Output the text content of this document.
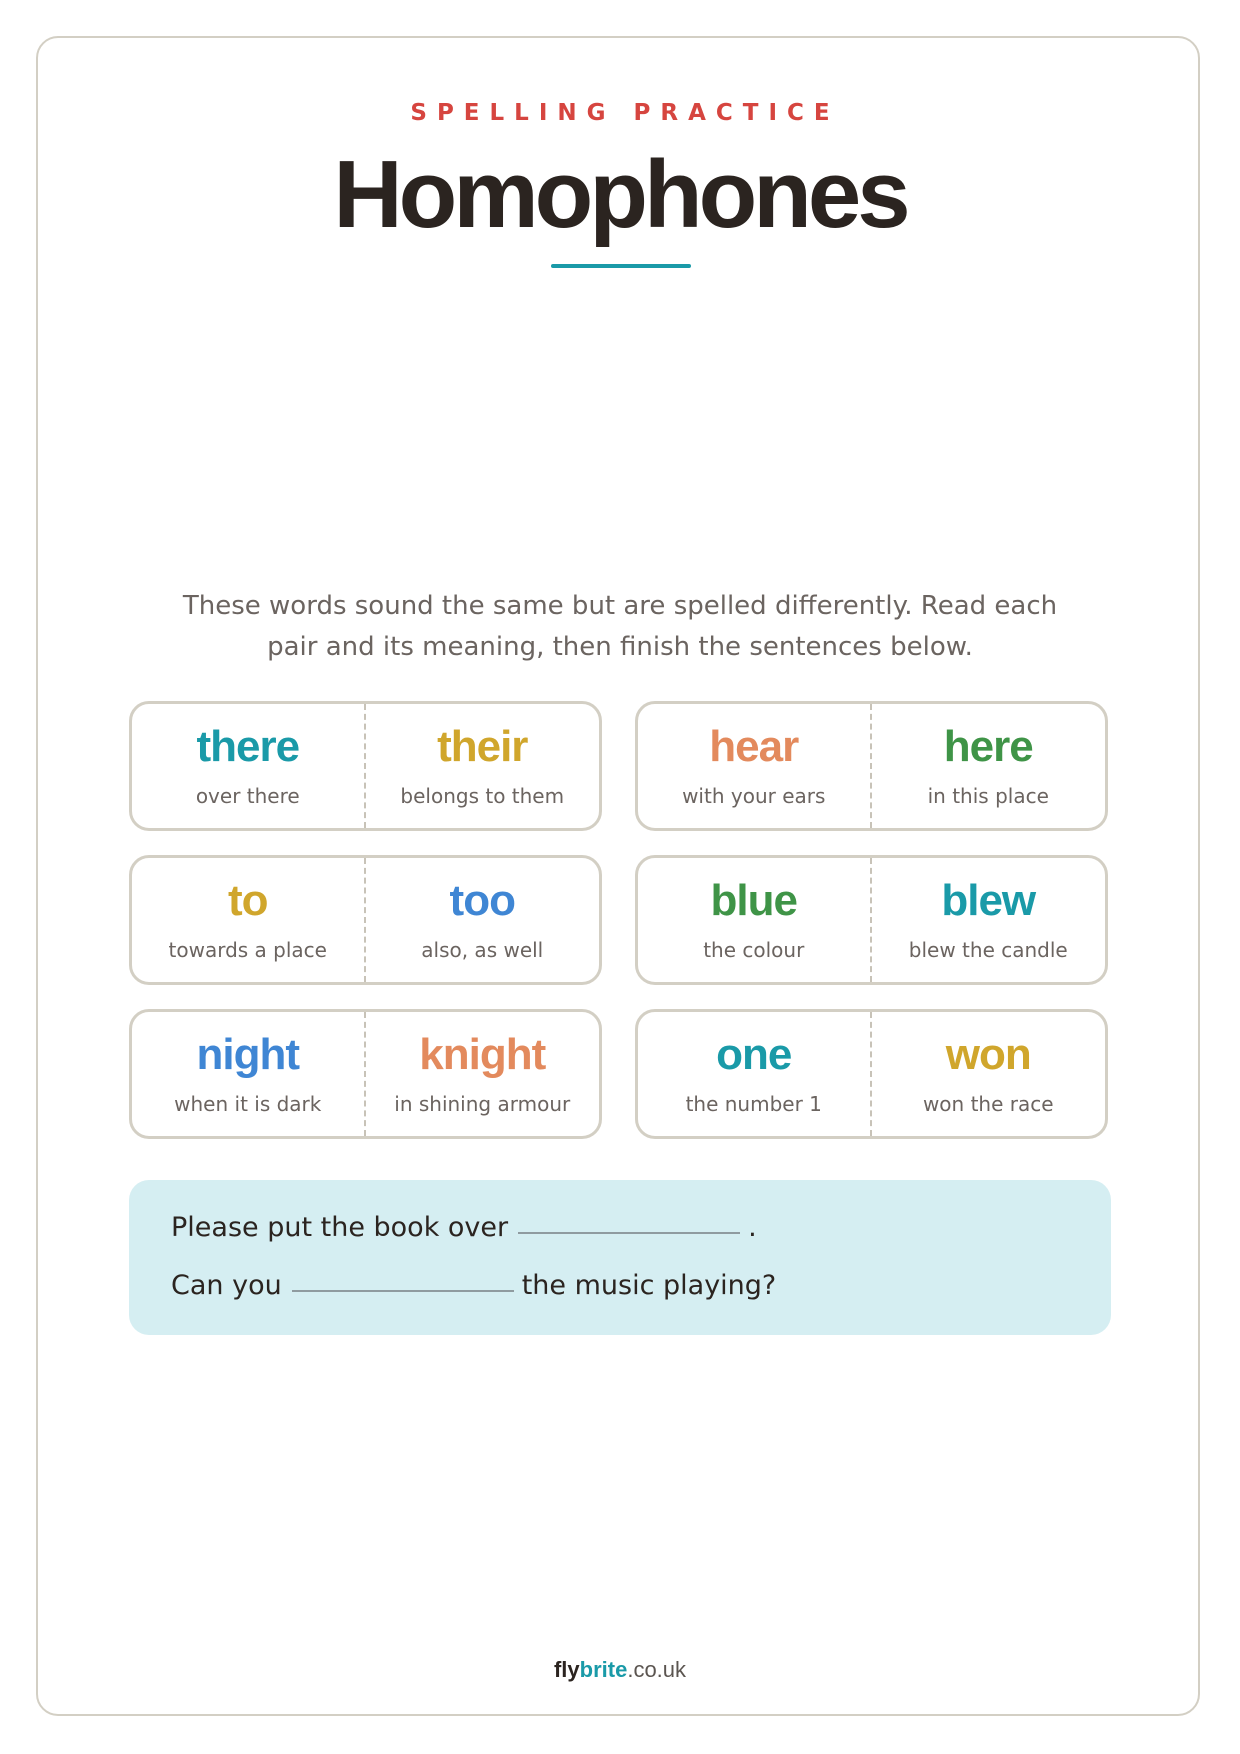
SPELLING PRACTICE
Homophones
These words sound the same but are spelled differently. Read each
pair and its meaning, then finish the sentences below.
there
over there
their
belongs to them
hear
with your ears
here
in this place
to
towards a place
too
also, as well
blue
the colour
blew
blew the candle
night
when it is dark
knight
in shining armour
one
the number 1
won
won the race
Please put the book over	.
Can you	the music playing?
flybrite.co.uk
